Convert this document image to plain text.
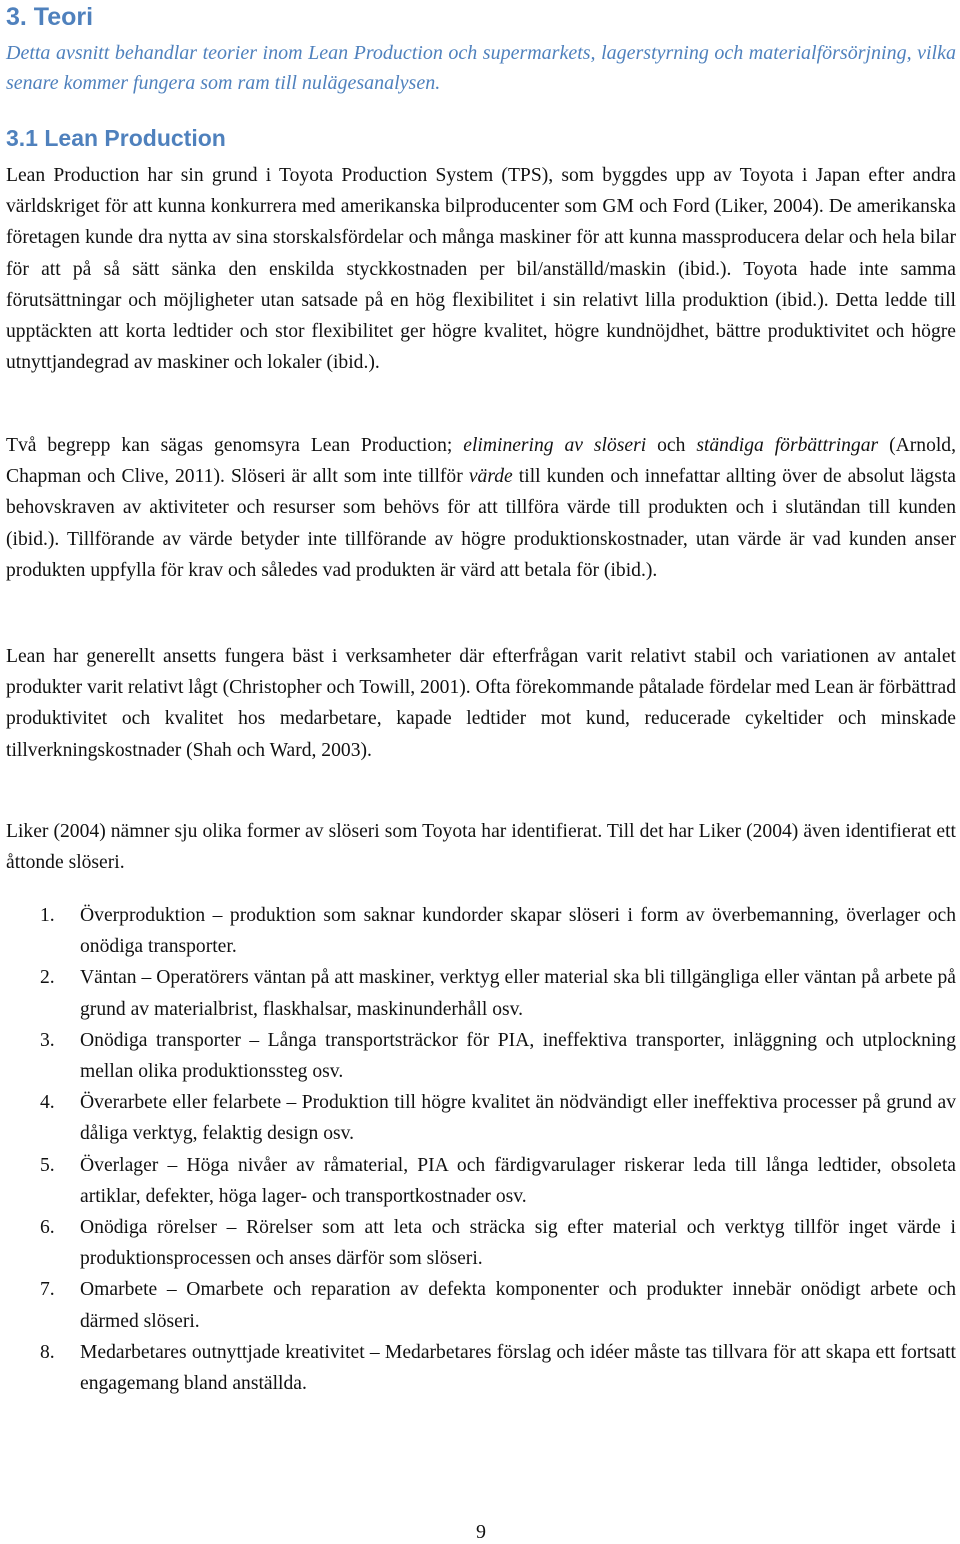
3. Teori

Detta avsnitt behandlar teorier inom Lean Production och supermarkets, lagerstyrning och materialförsörjning, vilka senare kommer fungera som ram till nulägesanalysen.

3.1 Lean Production

Lean Production har sin grund i Toyota Production System (TPS), som byggdes upp av Toyota i Japan efter andra världskriget för att kunna konkurrera med amerikanska bilproducenter som GM och Ford (Liker, 2004). De amerikanska företagen kunde dra nytta av sina storskalsfördelar och många maskiner för att kunna massproducera delar och hela bilar för att på så sätt sänka den enskilda styckkostnaden per bil/anställd/maskin (ibid.). Toyota hade inte samma förutsättningar och möjligheter utan satsade på en hög flexibilitet i sin relativt lilla produktion (ibid.). Detta ledde till upptäckten att korta ledtider och stor flexibilitet ger högre kvalitet, högre kundnöjdhet, bättre produktivitet och högre utnyttjandegrad av maskiner och lokaler (ibid.).

Två begrepp kan sägas genomsyra Lean Production; eliminering av slöseri och ständiga förbättringar (Arnold, Chapman och Clive, 2011). Slöseri är allt som inte tillför värde till kunden och innefattar allting över de absolut lägsta behovskraven av aktiviteter och resurser som behövs för att tillföra värde till produkten och i slutändan till kunden (ibid.). Tillförande av värde betyder inte tillförande av högre produktionskostnader, utan värde är vad kunden anser produkten uppfylla för krav och således vad produkten är värd att betala för (ibid.).

Lean har generellt ansetts fungera bäst i verksamheter där efterfrågan varit relativt stabil och variationen av antalet produkter varit relativt lågt (Christopher och Towill, 2001). Ofta förekommande påtalade fördelar med Lean är förbättrad produktivitet och kvalitet hos medarbetare, kapade ledtider mot kund, reducerade cykeltider och minskade tillverkningskostnader (Shah och Ward, 2003).

Liker (2004) nämner sju olika former av slöseri som Toyota har identifierat. Till det har Liker (2004) även identifierat ett åttonde slöseri.

1. Överproduktion – produktion som saknar kundorder skapar slöseri i form av överbemanning, överlager och onödiga transporter.
2. Väntan – Operatörers väntan på att maskiner, verktyg eller material ska bli tillgängliga eller väntan på arbete på grund av materialbrist, flaskhalsar, maskinunderhåll osv.
3. Onödiga transporter – Långa transportsträckor för PIA, ineffektiva transporter, inläggning och utplockning mellan olika produktionssteg osv.
4. Överarbete eller felarbete – Produktion till högre kvalitet än nödvändigt eller ineffektiva processer på grund av dåliga verktyg, felaktig design osv.
5. Överlager – Höga nivåer av råmaterial, PIA och färdigvarulager riskerar leda till långa ledtider, obsoleta artiklar, defekter, höga lager- och transportkostnader osv.
6. Onödiga rörelser – Rörelser som att leta och sträcka sig efter material och verktyg tillför inget värde i produktionsprocessen och anses därför som slöseri.
7. Omarbete – Omarbete och reparation av defekta komponenter och produkter innebär onödigt arbete och därmed slöseri.
8. Medarbetares outnyttjade kreativitet – Medarbetares förslag och idéer måste tas tillvara för att skapa ett fortsatt engagemang bland anställda.

9
